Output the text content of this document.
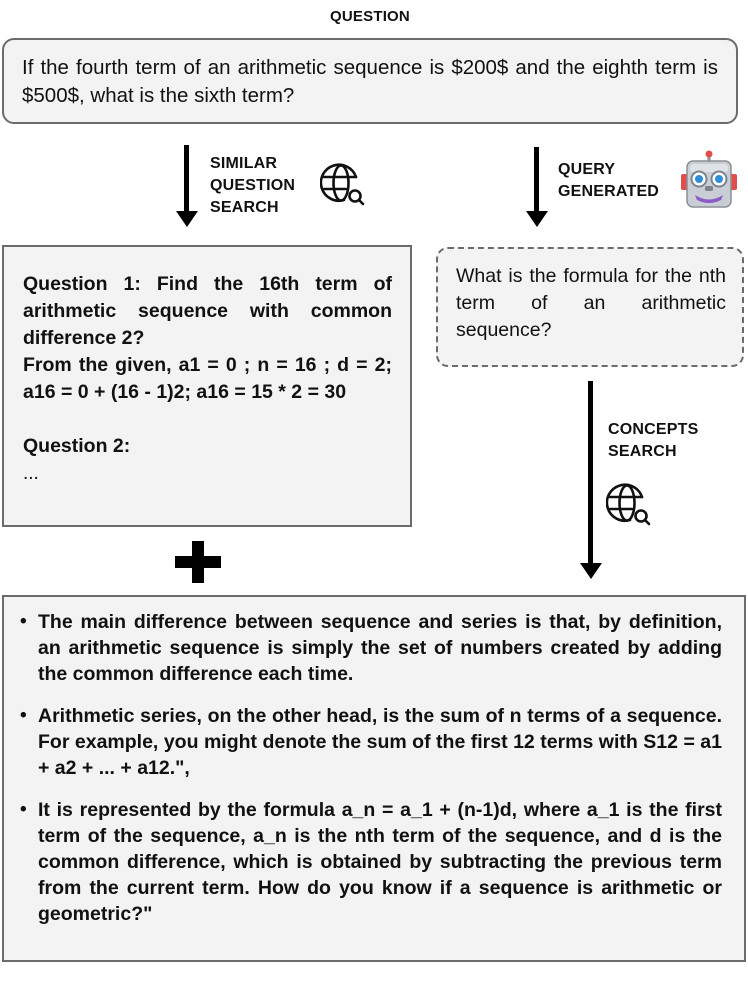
QUESTION
If the fourth term of an arithmetic sequence is $200$ and the eighth term is $500$, what is the sixth term?
SIMILAR
QUESTION
SEARCH
QUERY
GENERATED
Question 1: Find the 16th term of arithmetic sequence with common difference 2?
From the given, a1 = 0 ; n = 16 ; d = 2; a16 = 0 + (16 - 1)2; a16 = 15 * 2 = 30
Question 2:
...
What is the formula for the nth term of an arithmetic sequence?
CONCEPTS
SEARCH
• The main difference between sequence and series is that, by definition, an arithmetic sequence is simply the set of numbers created by adding the common difference each time.
• Arithmetic series, on the other head, is the sum of n terms of a sequence. For example, you might denote the sum of the first 12 terms with S12 = a1 + a2 + ... + a12.",
• It is represented by the formula a_n = a_1 + (n-1)d, where a_1 is the first term of the sequence, a_n is the nth term of the sequence, and d is the common difference, which is obtained by subtracting the previous term from the current term. How do you know if a sequence is arithmetic or geometric?"
